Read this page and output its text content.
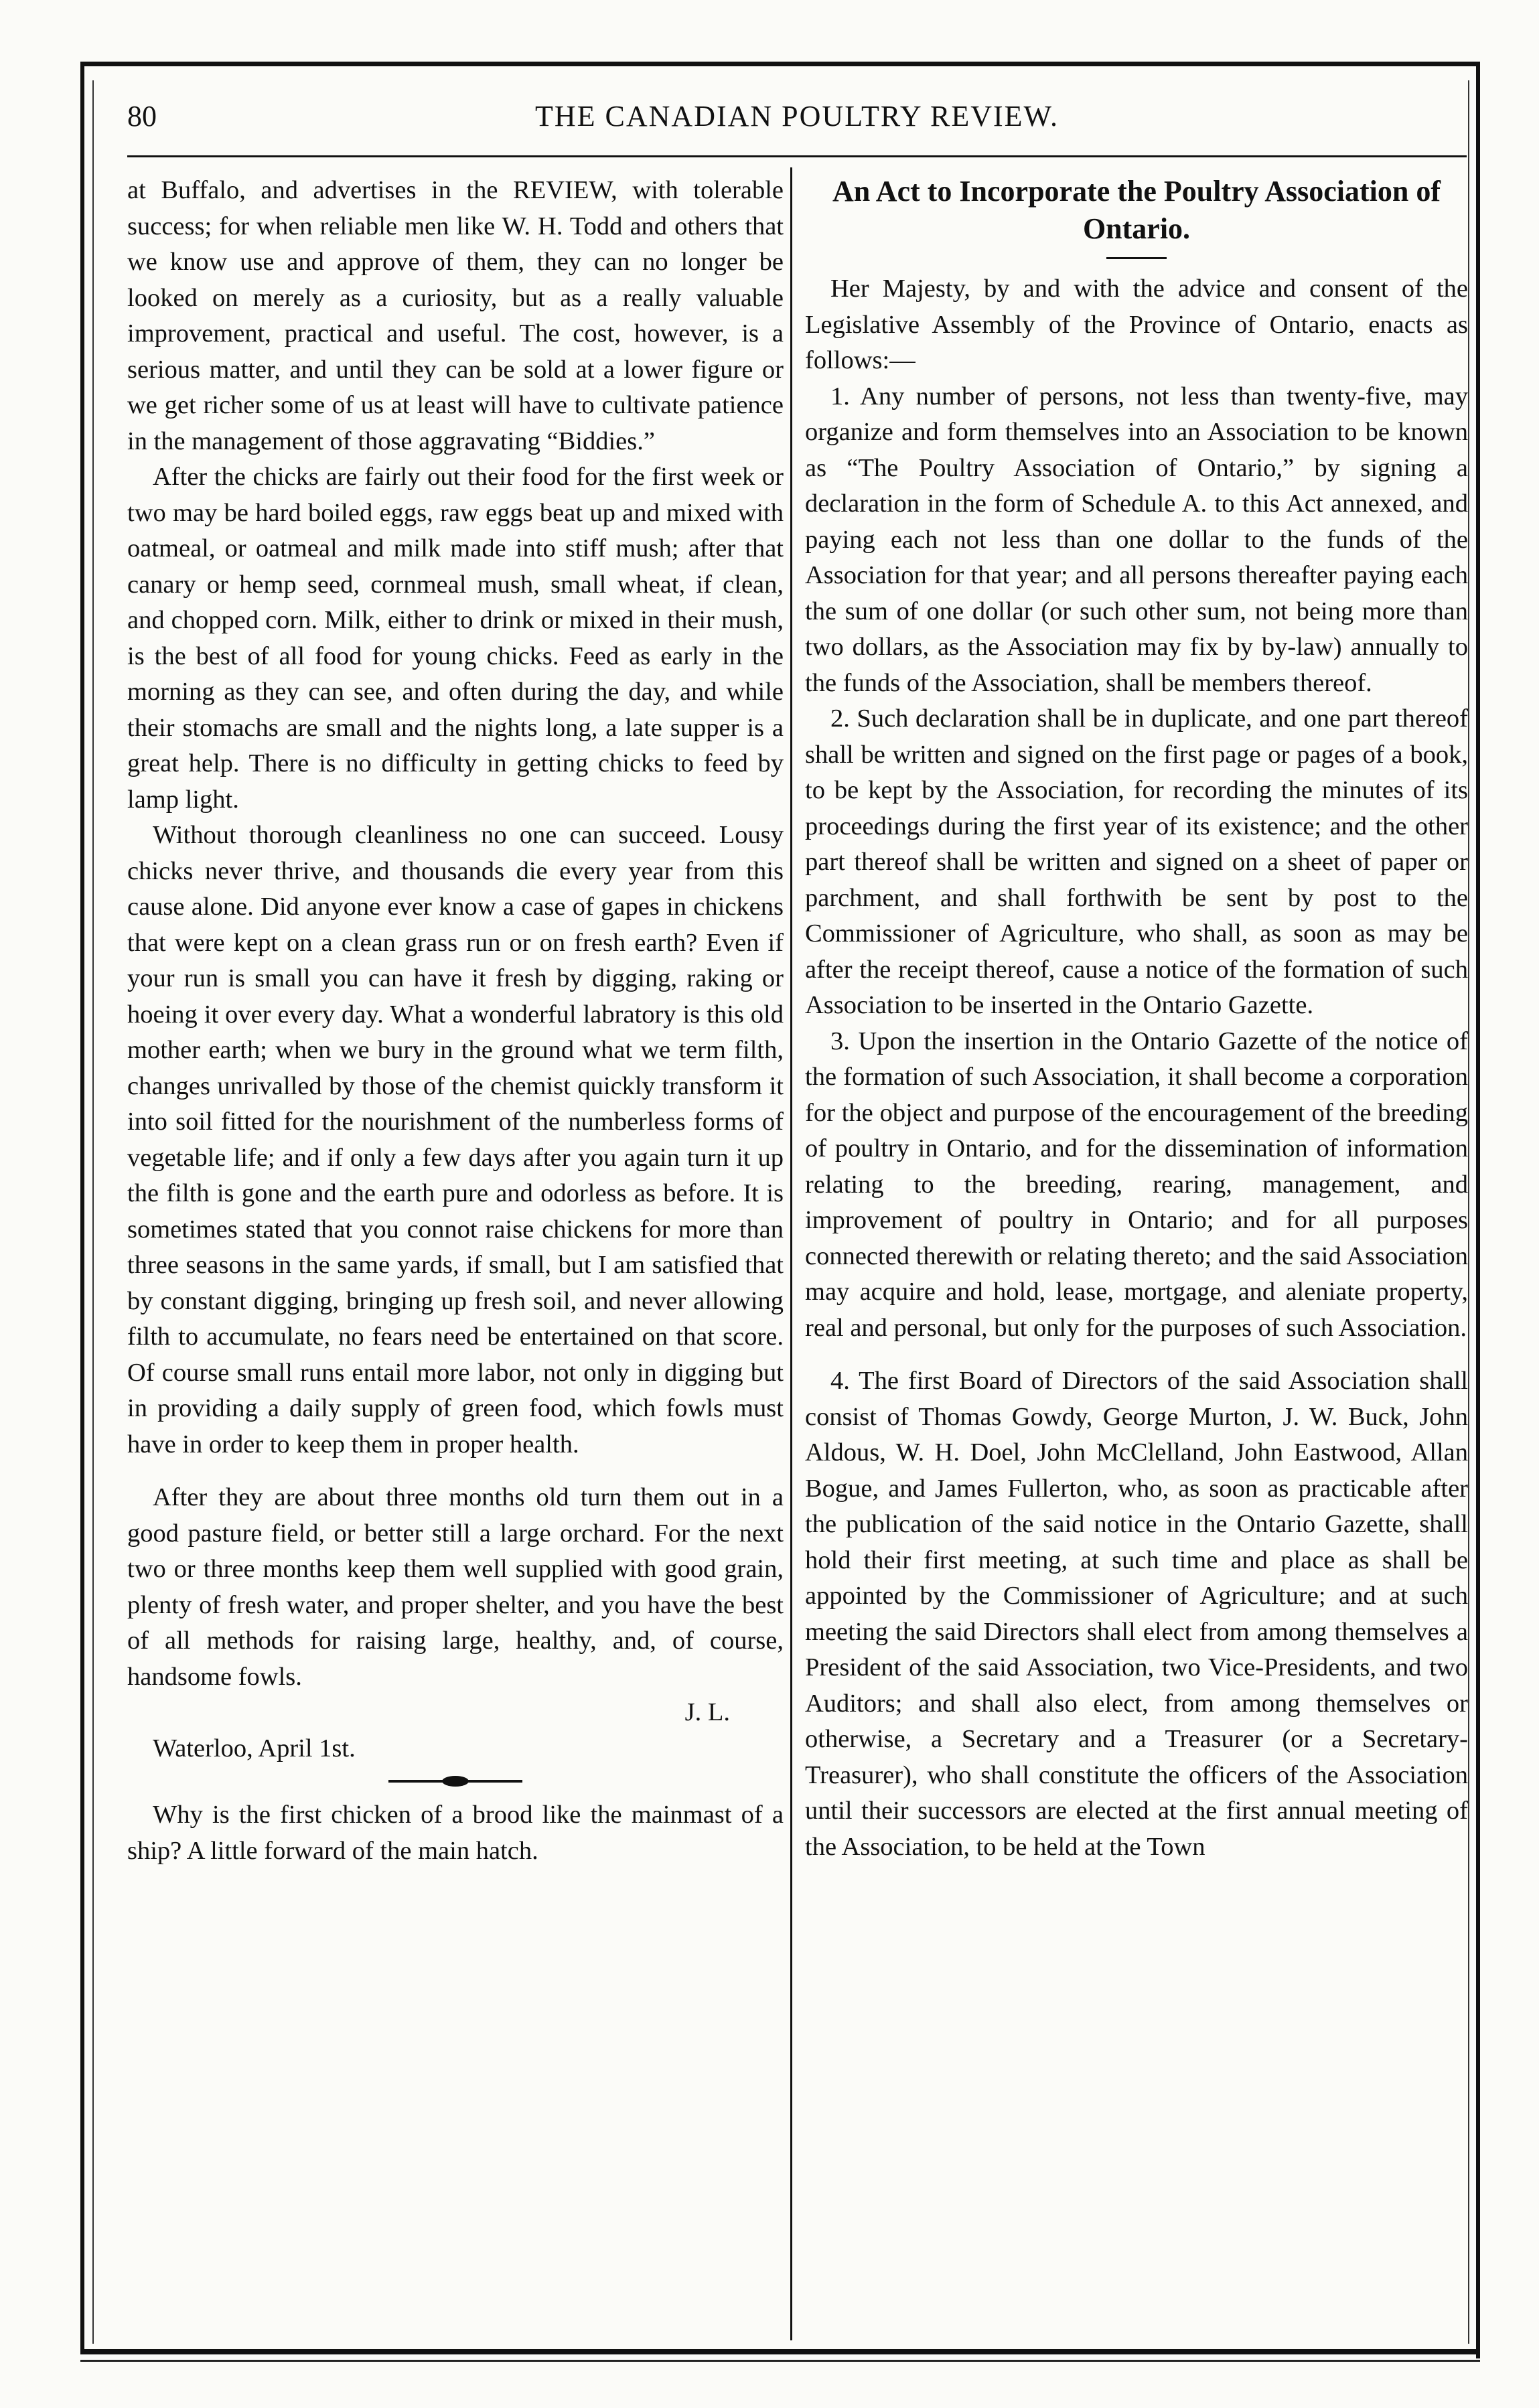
80	THE CANADIAN POULTRY REVIEW.

at Buffalo, and advertises in the REVIEW, with tolerable success; for when reliable men like W. H. Todd and others that we know use and approve of them, they can no longer be looked on merely as a curiosity, but as a really valuable improvement, practical and useful. The cost, however, is a serious matter, and until they can be sold at a lower figure or we get richer some of us at least will have to cultivate patience in the management of those aggravating “Biddies.”

After the chicks are fairly out their food for the first week or two may be hard boiled eggs, raw eggs beat up and mixed with oatmeal, or oatmeal and milk made into stiff mush; after that canary or hemp seed, cornmeal mush, small wheat, if clean, and chopped corn. Milk, either to drink or mixed in their mush, is the best of all food for young chicks. Feed as early in the morning as they can see, and often during the day, and while their stomachs are small and the nights long, a late supper is a great help. There is no difficulty in getting chicks to feed by lamp light.

Without thorough cleanliness no one can succeed. Lousy chicks never thrive, and thousands die every year from this cause alone. Did anyone ever know a case of gapes in chickens that were kept on a clean grass run or on fresh earth? Even if your run is small you can have it fresh by digging, raking or hoeing it over every day. What a wonderful labratory is this old mother earth; when we bury in the ground what we term filth, changes unrivalled by those of the chemist quickly transform it into soil fitted for the nourishment of the numberless forms of vegetable life; and if only a few days after you again turn it up the filth is gone and the earth pure and odorless as before. It is sometimes stated that you connot raise chickens for more than three seasons in the same yards, if small, but I am satisfied that by constant digging, bringing up fresh soil, and never allowing filth to accumulate, no fears need be entertained on that score. Of course small runs entail more labor, not only in digging but in providing a daily supply of green food, which fowls must have in order to keep them in proper health.

After they are about three months old turn them out in a good pasture field, or better still a large orchard. For the next two or three months keep them well supplied with good grain, plenty of fresh water, and proper shelter, and you have the best of all methods for raising large, healthy, and, of course, handsome fowls.

J. L.

Waterloo, April 1st.

Why is the first chicken of a brood like the mainmast of a ship? A little forward of the main hatch.

An Act to Incorporate the Poultry Association of Ontario.

Her Majesty, by and with the advice and consent of the Legislative Assembly of the Province of Ontario, enacts as follows:—

1. Any number of persons, not less than twenty-five, may organize and form themselves into an Association to be known as “The Poultry Association of Ontario,” by signing a declaration in the form of Schedule A. to this Act annexed, and paying each not less than one dollar to the funds of the Association for that year; and all persons thereafter paying each the sum of one dollar (or such other sum, not being more than two dollars, as the Association may fix by by-law) annually to the funds of the Association, shall be members thereof.

2. Such declaration shall be in duplicate, and one part thereof shall be written and signed on the first page or pages of a book, to be kept by the Association, for recording the minutes of its proceedings during the first year of its existence; and the other part thereof shall be written and signed on a sheet of paper or parchment, and shall forthwith be sent by post to the Commissioner of Agriculture, who shall, as soon as may be after the receipt thereof, cause a notice of the formation of such Association to be inserted in the Ontario Gazette.

3. Upon the insertion in the Ontario Gazette of the notice of the formation of such Association, it shall become a corporation for the object and purpose of the encouragement of the breeding of poultry in Ontario, and for the dissemination of information relating to the breeding, rearing, management, and improvement of poultry in Ontario; and for all purposes connected therewith or relating thereto; and the said Association may acquire and hold, lease, mortgage, and aleniate property, real and personal, but only for the purposes of such Association.

4. The first Board of Directors of the said Association shall consist of Thomas Gowdy, George Murton, J. W. Buck, John Aldous, W. H. Doel, John McClelland, John Eastwood, Allan Bogue, and James Fullerton, who, as soon as practicable after the publication of the said notice in the Ontario Gazette, shall hold their first meeting, at such time and place as shall be appointed by the Commissioner of Agriculture; and at such meeting the said Directors shall elect from among themselves a President of the said Association, two Vice-Presidents, and two Auditors; and shall also elect, from among themselves or otherwise, a Secretary and a Treasurer (or a Secretary-Treasurer), who shall constitute the officers of the Association until their successors are elected at the first annual meeting of the Association, to be held at the Town
